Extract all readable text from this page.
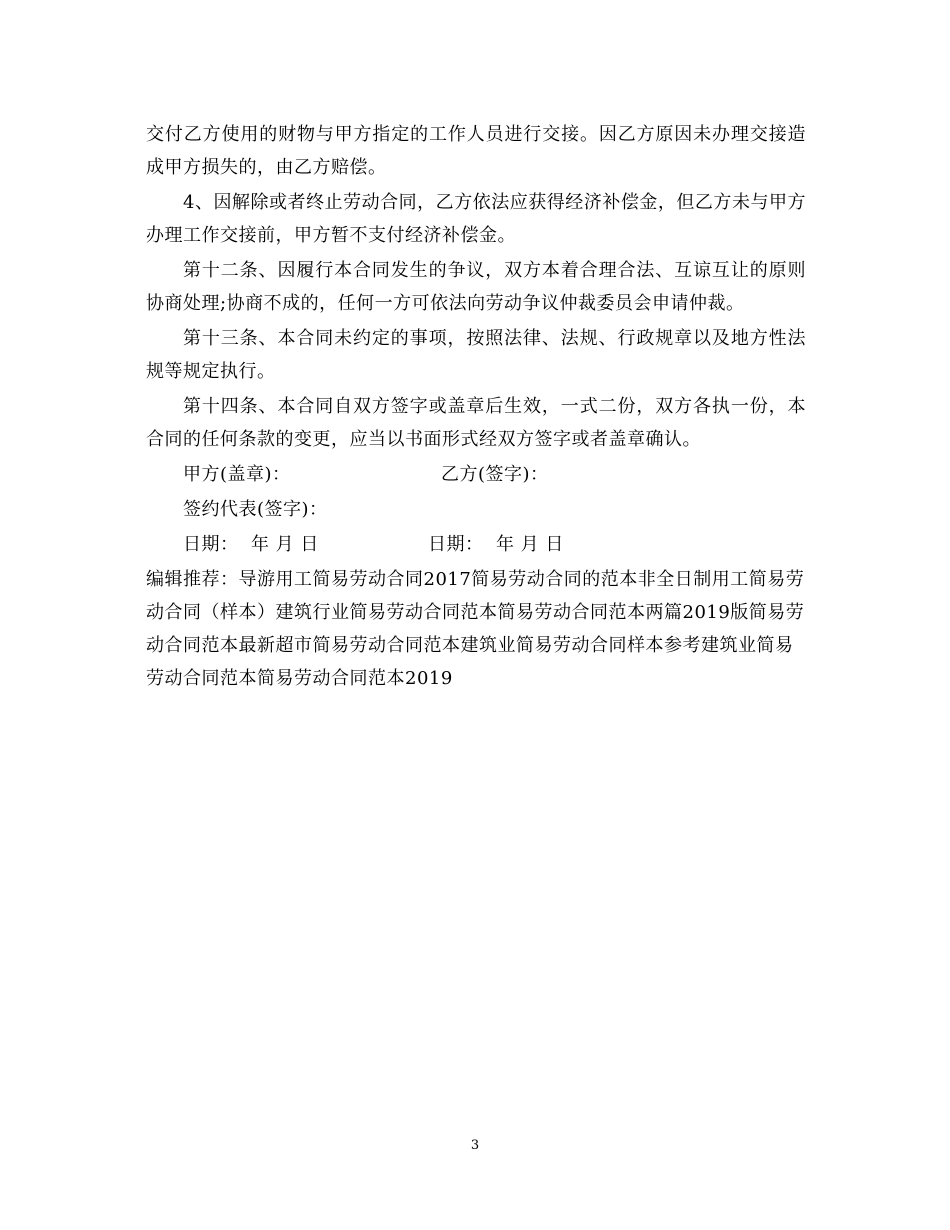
交付乙方使用的财物与甲方指定的工作人员进行交接。因乙方原因未办理交接造成甲方损失的，由乙方赔偿。

4、因解除或者终止劳动合同，乙方依法应获得经济补偿金，但乙方未与甲方办理工作交接前，甲方暂不支付经济补偿金。

第十二条、因履行本合同发生的争议，双方本着合理合法、互谅互让的原则协商处理;协商不成的，任何一方可依法向劳动争议仲裁委员会申请仲裁。

第十三条、本合同未约定的事项，按照法律、法规、行政规章以及地方性法规等规定执行。

第十四条、本合同自双方签字或盖章后生效，一式二份，双方各执一份，本合同的任何条款的变更，应当以书面形式经双方签字或者盖章确认。

甲方(盖章)：	乙方(签字)：
签约代表(签字)：
日期：  年 月 日	日期：  年 月 日

编辑推荐：导游用工简易劳动合同2017简易劳动合同的范本非全日制用工简易劳动合同（样本）建筑行业简易劳动合同范本简易劳动合同范本两篇2019版简易劳动合同范本最新超市简易劳动合同范本建筑业简易劳动合同样本参考建筑业简易劳动合同范本简易劳动合同范本2019

3
